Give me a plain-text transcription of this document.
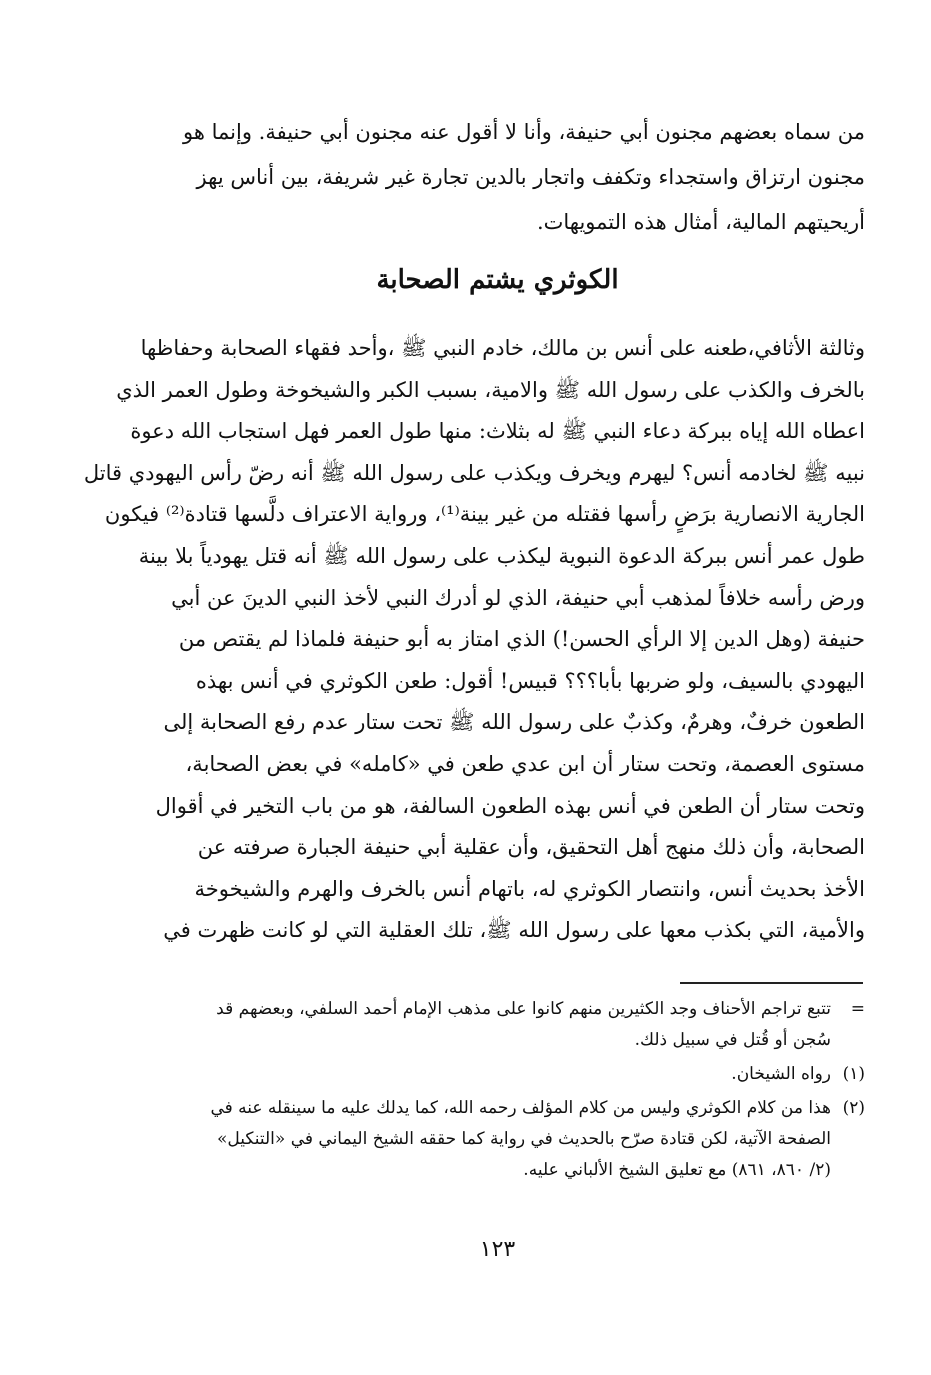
من سماه بعضهم مجنون أبي حنيفة، وأنا لا أقول عنه مجنون أبي حنيفة. وإنما هو
مجنون ارتزاق واستجداء وتكفف واتجار بالدين تجارة غير شريفة، بين أناس يهز
أريحيتهم المالية، أمثال هذه التمويهات.
الكوثري يشتم الصحابة
وثالثة الأثافي،طعنه على أنس بن مالك، خادم النبي ﷺ ،وأحد فقهاء الصحابة وحفاظها
بالخرف والكذب على رسول الله ﷺ والامية، بسبب الكبر والشيخوخة وطول العمر الذي
اعطاه الله إياه ببركة دعاء النبي ﷺ له بثلاث: منها طول العمر فهل استجاب الله دعوة
نبيه ﷺ لخادمه أنس؟ ليهرم ويخرف ويكذب على رسول الله ﷺ أنه رضّ رأس اليهودي قاتل
الجارية الانصارية برَضٍ رأسها فقتله من غير بينة⁽¹⁾، ورواية الاعتراف دلَّسها قتادة⁽²⁾ فيكون
طول عمر أنس ببركة الدعوة النبوية ليكذب على رسول الله ﷺ أنه قتل يهودياً بلا بينة
ورض رأسه خلافاً لمذهب أبي حنيفة، الذي لو أدرك النبي لأخذ النبي الدينَ عن أبي
حنيفة (وهل الدين إلا الرأي الحسن!) الذي امتاز به أبو حنيفة فلماذا لم يقتص من
اليهودي بالسيف، ولو ضربها بأبا؟؟؟ قبيس! أقول: طعن الكوثري في أنس بهذه
الطعون خرفٌ، وهرمٌ، وكذبٌ على رسول الله ﷺ تحت ستار عدم رفع الصحابة إلى
مستوى العصمة، وتحت ستار أن ابن عدي طعن في «كامله» في بعض الصحابة،
وتحت ستار أن الطعن في أنس بهذه الطعون السالفة، هو من باب التخير في أقوال
الصحابة، وأن ذلك منهج أهل التحقيق، وأن عقلية أبي حنيفة الجبارة صرفته عن
الأخذ بحديث أنس، وانتصار الكوثري له، باتهام أنس بالخرف والهرم والشيخوخة
والأمية، التي بكذب معها على رسول الله ﷺ، تلك العقلية التي لو كانت ظهرت في
=
تتبع تراجم الأحناف وجد الكثيرين منهم كانوا على مذهب الإمام أحمد السلفي، وبعضهم قد
سُجن أو قُتل في سبيل ذلك.
(١)
رواه الشيخان.
(٢)
هذا من كلام الكوثري وليس من كلام المؤلف رحمه الله، كما يدلك عليه ما سينقله عنه في
الصفحة الآتية، لكن قتادة صرّح بالحديث في رواية كما حققه الشيخ اليماني في «التنكيل»
(٢/ ٨٦٠، ٨٦١) مع تعليق الشيخ الألباني عليه.
١٢٣
